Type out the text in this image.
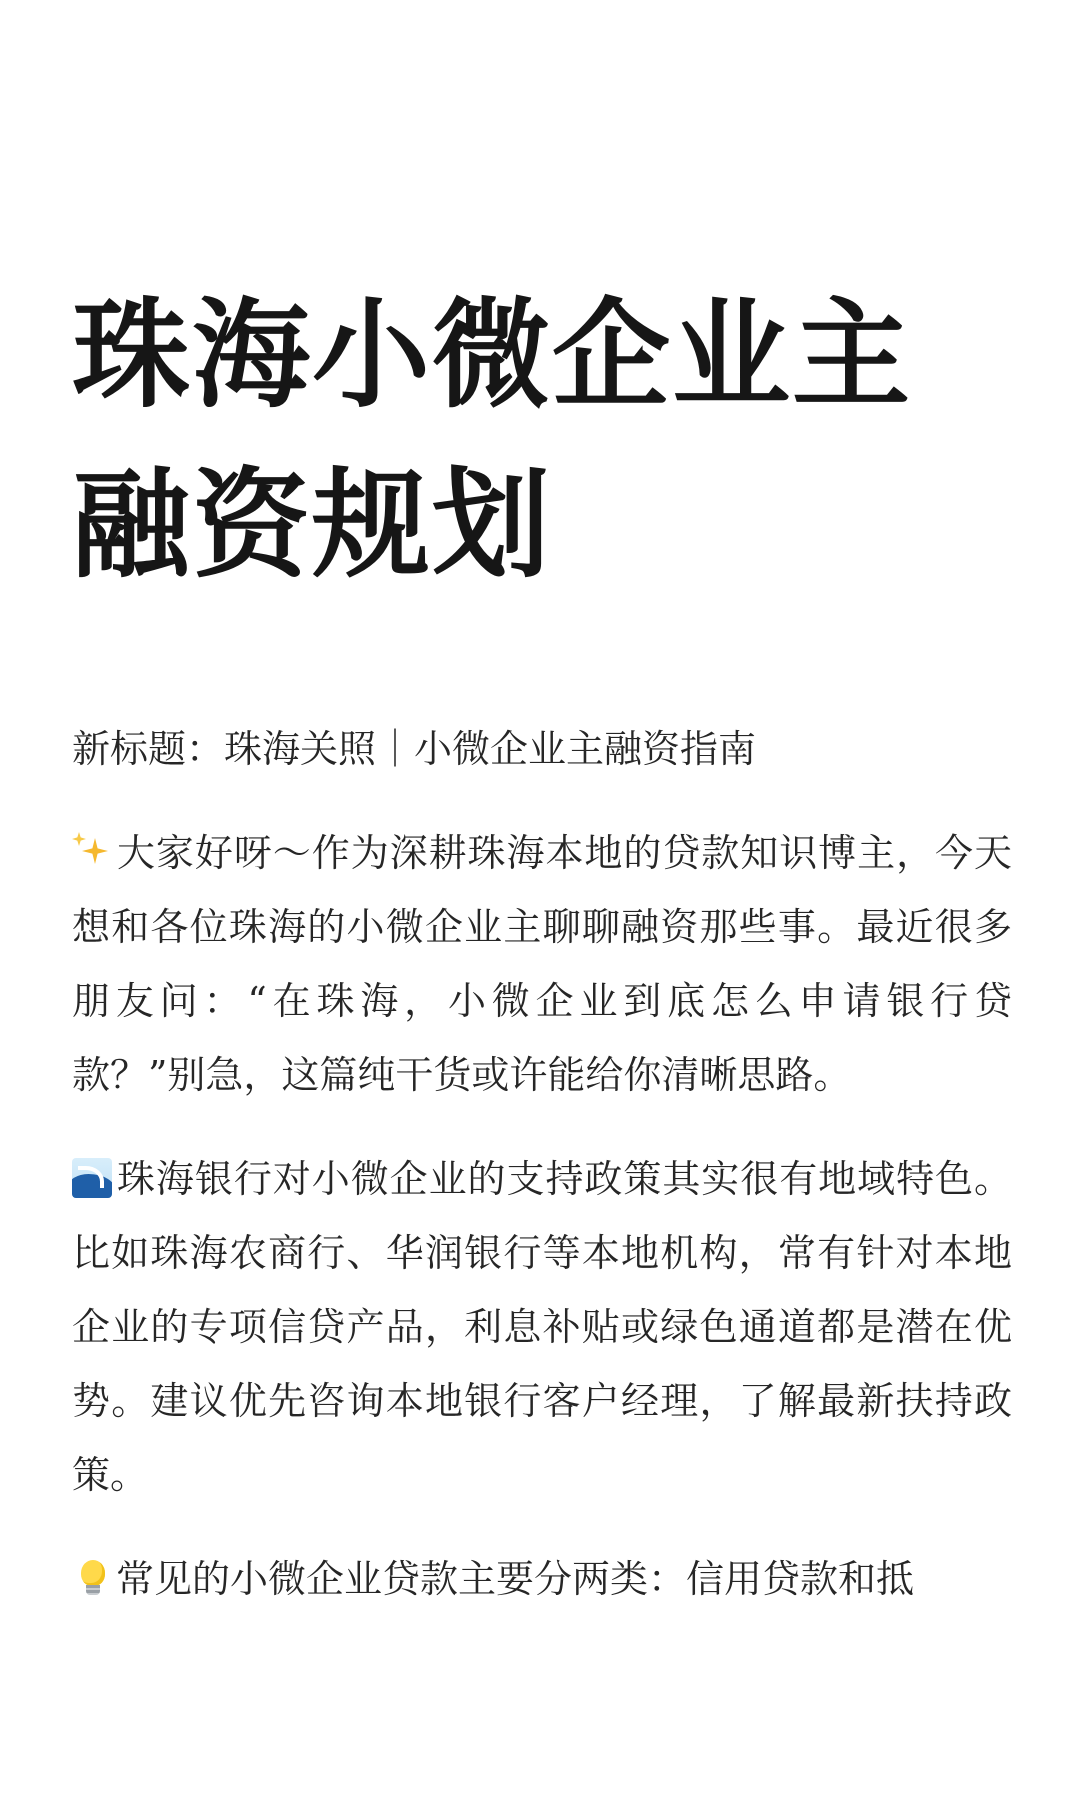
珠海小微企业主
融资规划

新标题：珠海关照｜小微企业主融资指南

大家好呀～作为深耕珠海本地的贷款知识博主，今天想和各位珠海的小微企业主聊聊融资那些事。最近很多朋友问：“在珠海，小微企业到底怎么申请银行贷款？”别急，这篇纯干货或许能给你清晰思路。

珠海银行对小微企业的支持政策其实很有地域特色。比如珠海农商行、华润银行等本地机构，常有针对本地企业的专项信贷产品，利息补贴或绿色通道都是潜在优势。建议优先咨询本地银行客户经理，了解最新扶持政策。

常见的小微企业贷款主要分两类：信用贷款和抵
